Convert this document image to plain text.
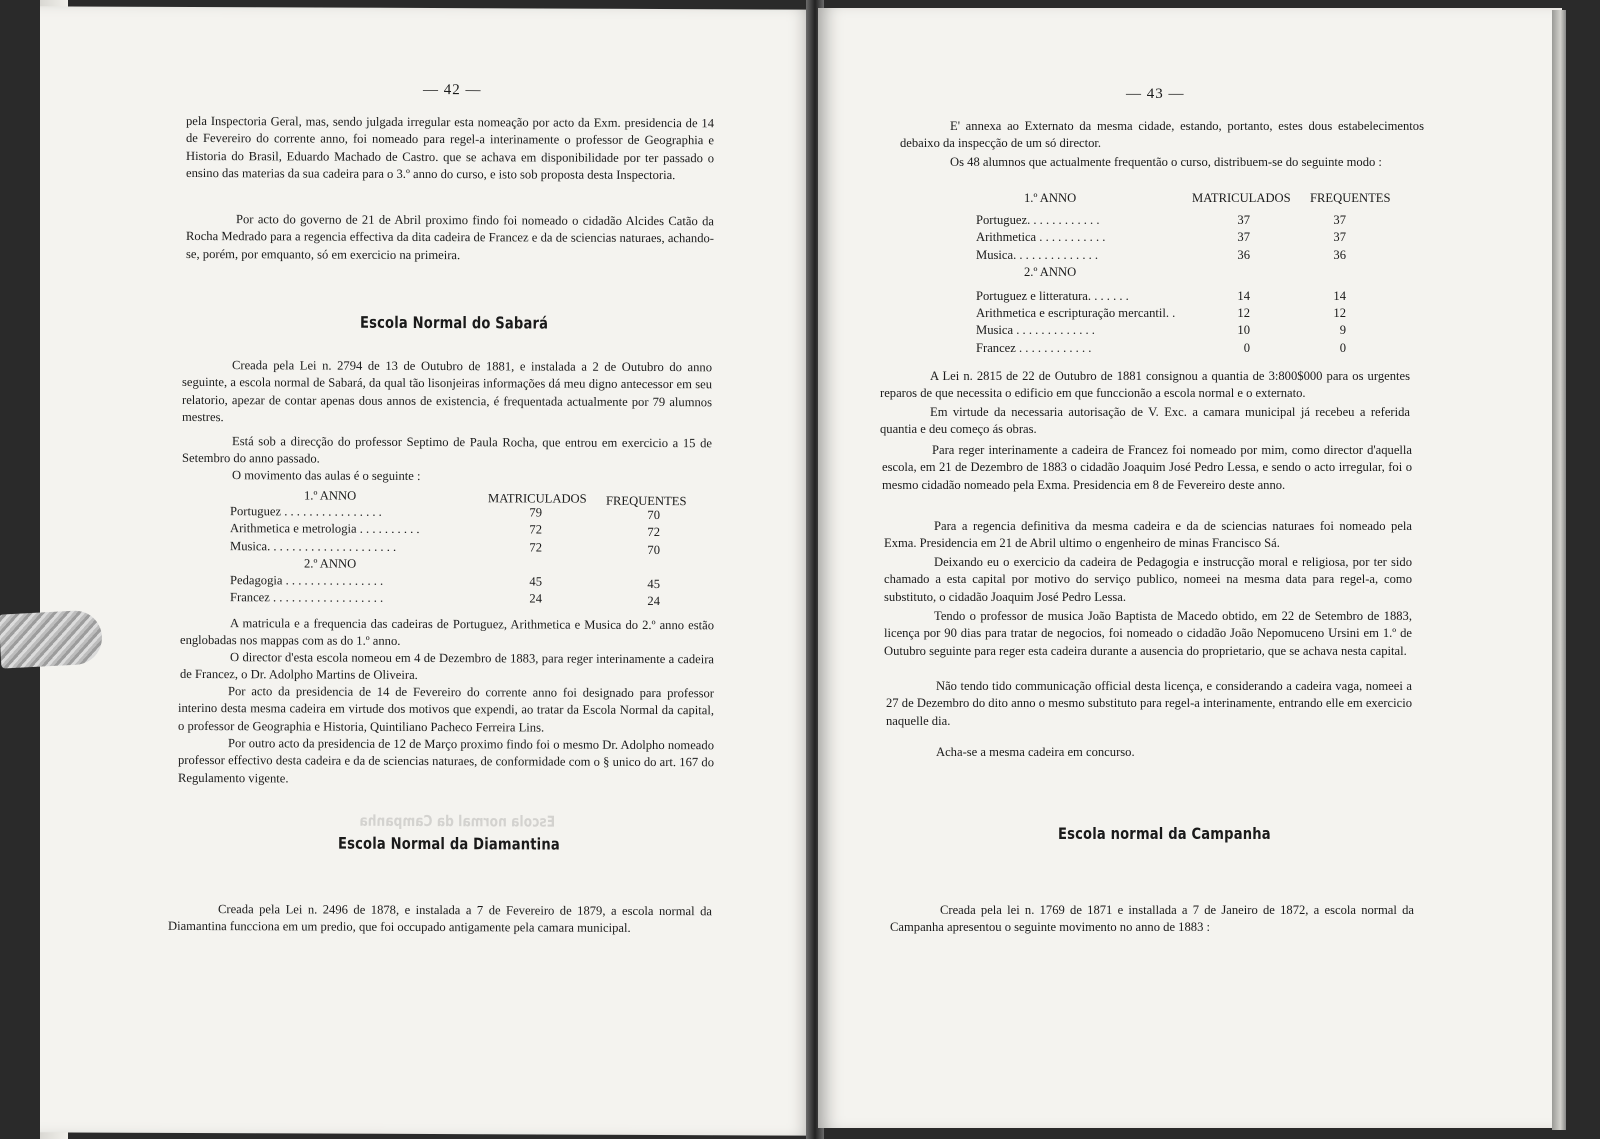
— 42 —
pela Inspectoria Geral, mas, sendo julgada irregular esta nomeação por acto da Exm. presidencia de 14 de Fevereiro do corrente anno, foi nomeado para regel-a interinamente o professor de Geographia e Historia do Brasil, Eduardo Machado de Castro. que se achava em disponibilidade por ter passado o ensino das materias da sua cadeira para o 3.º anno do curso, e isto sob proposta desta Inspectoria.
Por acto do governo de 21 de Abril proximo findo foi nomeado o cidadão Alcides Catão da Rocha Medrado para a regencia effectiva da dita cadeira de Francez e da de sciencias naturaes, achando-se, porém, por emquanto, só em exercicio na primeira.
Escola Normal do Sabará
Creada pela Lei n. 2794 de 13 de Outubro de 1881, e instalada a 2 de Outubro do anno seguinte, a escola normal de Sabará, da qual tão lisonjeiras informações dá meu digno antecessor em seu relatorio, apezar de contar apenas dous annos de existencia, é frequentada actualmente por 79 alumnos mestres.
Está sob a direcção do professor Septimo de Paula Rocha, que entrou em exercicio a 15 de Setembro do anno passado.
O movimento das aulas é o seguinte :
1.º ANNO	MATRICULADOS FREQUENTES
Portuguez . . . . . . . . . . . . . . . .	79	70
Arithmetica e metrologia . . . . . . . . . .	72	72
Musica. . . . . . . . . . . . . . . . . . . . .	72	70
2.º ANNO
Pedagogia . . . . . . . . . . . . . . . .	45	45
Francez . . . . . . . . . . . . . . . . . .	24	24
A matricula e a frequencia das cadeiras de Portuguez, Arithmetica e Musica do 2.º anno estão englobadas nos mappas com as do 1.º anno.
O director d'esta escola nomeou em 4 de Dezembro de 1883, para reger interinamente a cadeira de Francez, o Dr. Adolpho Martins de Oliveira.
Por acto da presidencia de 14 de Fevereiro do corrente anno foi designado para professor interino desta mesma cadeira em virtude dos motivos que expendi, ao tratar da Escola Normal da capital, o professor de Geographia e Historia, Quintiliano Pacheco Ferreira Lins.
Por outro acto da presidencia de 12 de Março proximo findo foi o mesmo Dr. Adolpho nomeado professor effectivo desta cadeira e da de sciencias naturaes, de conformidade com o § unico do art. 167 do Regulamento vigente.
Escola normal da Campanha
Escola Normal da Diamantina
Creada pela Lei n. 2496 de 1878, e instalada a 7 de Fevereiro de 1879, a escola normal da Diamantina funcciona em um predio, que foi occupado antigamente pela camara municipal.
— 43 —
E' annexa ao Externato da mesma cidade, estando, portanto, estes dous estabelecimentos debaixo da inspecção de um só director.
Os 48 alumnos que actualmente frequentão o curso, distribuem-se do seguinte modo :
1.º ANNO	MATRICULADOS FREQUENTES
Portuguez. . . . . . . . . . . .	37	37
Arithmetica . . . . . . . . . . .	37	37
Musica. . . . . . . . . . . . . .	36	36
2.º ANNO
Portuguez e litteratura. . . . . . .	14	14
Arithmetica e escripturação mercantil. .	12	12
Musica . . . . . . . . . . . . .	10	9
Francez . . . . . . . . . . . .	0	0
A Lei n. 2815 de 22 de Outubro de 1881 consignou a quantia de 3:800$000 para os urgentes reparos de que necessita o edificio em que funccionão a escola normal e o externato.
Em virtude da necessaria autorisação de V. Exc. a camara municipal já recebeu a referida quantia e deu começo ás obras.
Para reger interinamente a cadeira de Francez foi nomeado por mim, como director d'aquella escola, em 21 de Dezembro de 1883 o cidadão Joaquim José Pedro Lessa, e sendo o acto irregular, foi o mesmo cidadão nomeado pela Exma. Presidencia em 8 de Fevereiro deste anno.
Para a regencia definitiva da mesma cadeira e da de sciencias naturaes foi nomeado pela Exma. Presidencia em 21 de Abril ultimo o engenheiro de minas Francisco Sá.
Deixando eu o exercicio da cadeira de Pedagogia e instrucção moral e religiosa, por ter sido chamado a esta capital por motivo do serviço publico, nomeei na mesma data para regel-a, como substituto, o cidadão Joaquim José Pedro Lessa.
Tendo o professor de musica João Baptista de Macedo obtido, em 22 de Setembro de 1883, licença por 90 dias para tratar de negocios, foi nomeado o cidadão João Nepomuceno Ursini em 1.º de Outubro seguinte para reger esta cadeira durante a ausencia do proprietario, que se achava nesta capital.
Não tendo tido communicação official desta licença, e considerando a cadeira vaga, nomeei a 27 de Dezembro do dito anno o mesmo substituto para regel-a interinamente, entrando elle em exercicio naquelle dia.
Acha-se a mesma cadeira em concurso.
Escola normal da Campanha
Creada pela lei n. 1769 de 1871 e installada a 7 de Janeiro de 1872, a escola normal da Campanha apresentou o seguinte movimento no anno de 1883 :
